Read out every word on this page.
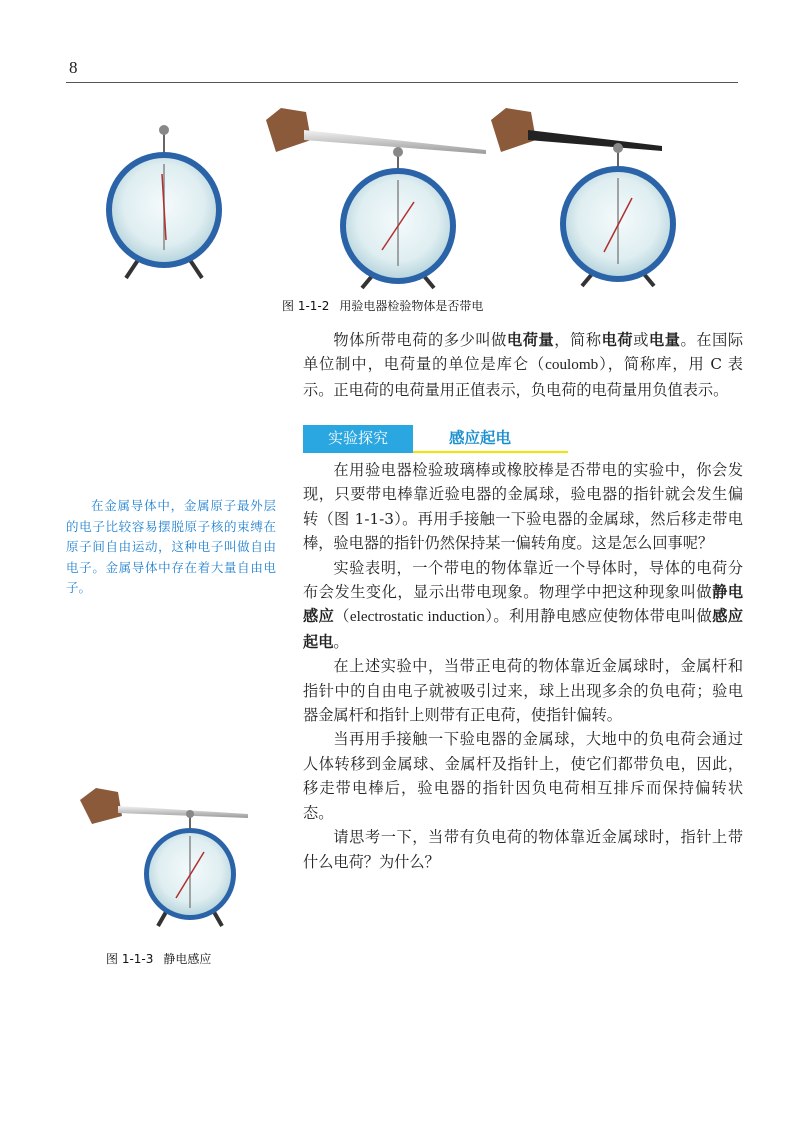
8
图 1-1-2 用验电器检验物体是否带电

物体所带电荷的多少叫做电荷量，简称电荷或电量。在国际单位制中，电荷量的单位是库仑（coulomb），简称库，用 C 表示。正电荷的电荷量用正值表示，负电荷的电荷量用负值表示。

实验探究	感应起电

在用验电器检验玻璃棒或橡胶棒是否带电的实验中，你会发现，只要带电棒靠近验电器的金属球，验电器的指针就会发生偏转（图 1-1-3）。再用手接触一下验电器的金属球，然后移走带电棒，验电器的指针仍然保持某一偏转角度。这是怎么回事呢？

实验表明，一个带电的物体靠近一个导体时，导体的电荷分布会发生变化，显示出带电现象。物理学中把这种现象叫做静电感应（electrostatic induction）。利用静电感应使物体带电叫做感应起电。

在上述实验中，当带正电荷的物体靠近金属球时，金属杆和指针中的自由电子就被吸引过来，球上出现多余的负电荷；验电器金属杆和指针上则带有正电荷，使指针偏转。

当再用手接触一下验电器的金属球，大地中的负电荷会通过人体转移到金属球、金属杆及指针上，使它们都带负电，因此，移走带电棒后，验电器的指针因负电荷相互排斥而保持偏转状态。

请思考一下，当带有负电荷的物体靠近金属球时，指针上带什么电荷？为什么？

在金属导体中，金属原子最外层的电子比较容易摆脱原子核的束缚在原子间自由运动，这种电子叫做自由电子。金属导体中存在着大量自由电子。

图 1-1-3 静电感应
